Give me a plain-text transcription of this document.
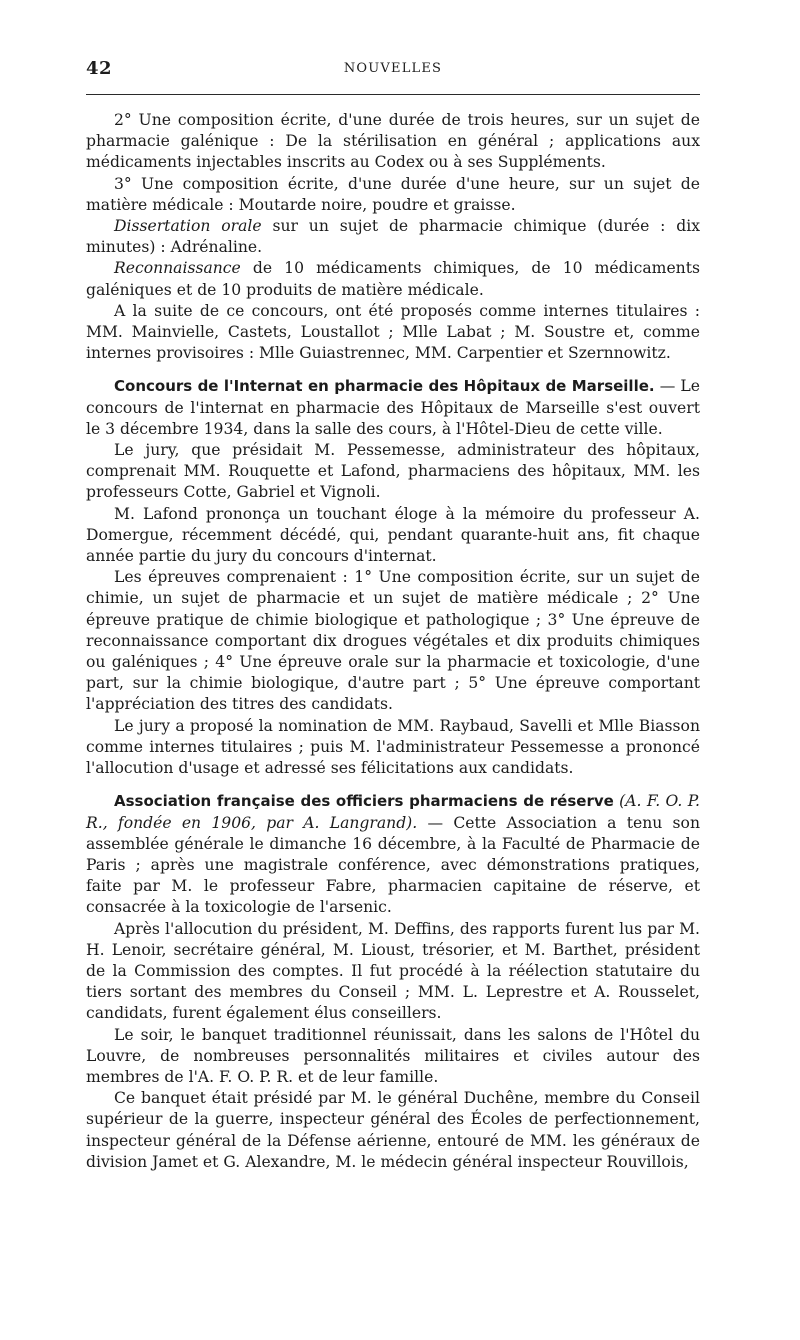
42	NOUVELLES

2° Une composition écrite, d'une durée de trois heures, sur un sujet de pharmacie galénique : De la stérilisation en général ; applications aux médicaments injectables inscrits au Codex ou à ses Suppléments.

3° Une composition écrite, d'une durée d'une heure, sur un sujet de matière médicale : Moutarde noire, poudre et graisse.

Dissertation orale sur un sujet de pharmacie chimique (durée : dix minutes) : Adrénaline.

Reconnaissance de 10 médicaments chimiques, de 10 médicaments galéniques et de 10 produits de matière médicale.

A la suite de ce concours, ont été proposés comme internes titulaires : MM. Mainvielle, Castets, Loustallot ; Mlle Labat ; M. Soustre et, comme internes provisoires : Mlle Guiastrennec, MM. Carpentier et Szernnowitz.

Concours de l'Internat en pharmacie des Hôpitaux de Marseille. — Le concours de l'internat en pharmacie des Hôpitaux de Marseille s'est ouvert le 3 décembre 1934, dans la salle des cours, à l'Hôtel-Dieu de cette ville.

Le jury, que présidait M. Pessemesse, administrateur des hôpitaux, comprenait MM. Rouquette et Lafond, pharmaciens des hôpitaux, MM. les professeurs Cotte, Gabriel et Vignoli.

M. Lafond prononça un touchant éloge à la mémoire du professeur A. Domergue, récemment décédé, qui, pendant quarante-huit ans, fit chaque année partie du jury du concours d'internat.

Les épreuves comprenaient : 1° Une composition écrite, sur un sujet de chimie, un sujet de pharmacie et un sujet de matière médicale ; 2° Une épreuve pratique de chimie biologique et pathologique ; 3° Une épreuve de reconnaissance comportant dix drogues végétales et dix produits chimiques ou galéniques ; 4° Une épreuve orale sur la pharmacie et toxicologie, d'une part, sur la chimie biologique, d'autre part ; 5° Une épreuve comportant l'appréciation des titres des candidats.

Le jury a proposé la nomination de MM. Raybaud, Savelli et Mlle Biasson comme internes titulaires ; puis M. l'administrateur Pessemesse a prononcé l'allocution d'usage et adressé ses félicitations aux candidats.

Association française des officiers pharmaciens de réserve (A. F. O. P. R., fondée en 1906, par A. Langrand). — Cette Association a tenu son assemblée générale le dimanche 16 décembre, à la Faculté de Pharmacie de Paris ; après une magistrale conférence, avec démonstrations pratiques, faite par M. le professeur Fabre, pharmacien capitaine de réserve, et consacrée à la toxicologie de l'arsenic.

Après l'allocution du président, M. Deffins, des rapports furent lus par M. H. Lenoir, secrétaire général, M. Lioust, trésorier, et M. Barthet, président de la Commission des comptes. Il fut procédé à la réélection statutaire du tiers sortant des membres du Conseil ; MM. L. Leprestre et A. Rousselet, candidats, furent également élus conseillers.

Le soir, le banquet traditionnel réunissait, dans les salons de l'Hôtel du Louvre, de nombreuses personnalités militaires et civiles autour des membres de l'A. F. O. P. R. et de leur famille.

Ce banquet était présidé par M. le général Duchêne, membre du Conseil supérieur de la guerre, inspecteur général des Écoles de perfectionnement, inspecteur général de la Défense aérienne, entouré de MM. les généraux de division Jamet et G. Alexandre, M. le médecin général inspecteur Rouvillois,
